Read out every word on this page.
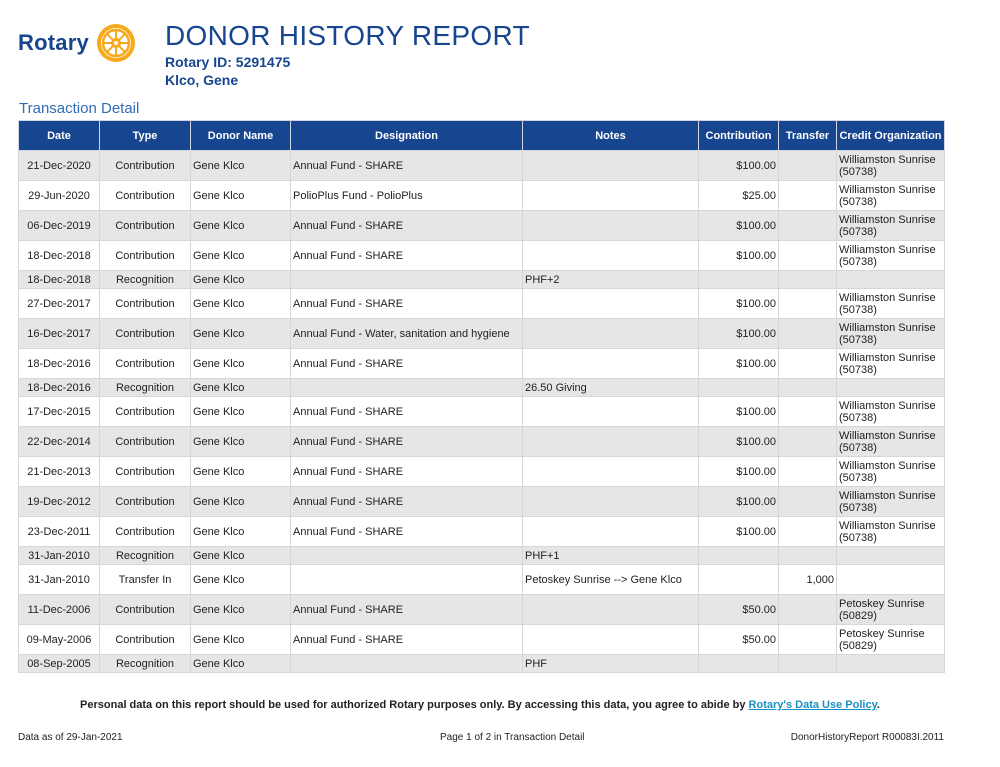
Rotary	DONOR HISTORY REPORT
Rotary ID: 5291475
Klco, Gene
Transaction Detail
Date	Type	Donor Name	Designation	Notes	Contribution	Transfer	Credit Organization
21-Dec-2020	Contribution	Gene Klco	Annual Fund - SHARE		$100.00		Williamston Sunrise (50738)
29-Jun-2020	Contribution	Gene Klco	PolioPlus Fund - PolioPlus		$25.00		Williamston Sunrise (50738)
06-Dec-2019	Contribution	Gene Klco	Annual Fund - SHARE		$100.00		Williamston Sunrise (50738)
18-Dec-2018	Contribution	Gene Klco	Annual Fund - SHARE		$100.00		Williamston Sunrise (50738)
18-Dec-2018	Recognition	Gene Klco		PHF+2			
27-Dec-2017	Contribution	Gene Klco	Annual Fund - SHARE		$100.00		Williamston Sunrise (50738)
16-Dec-2017	Contribution	Gene Klco	Annual Fund - Water, sanitation and hygiene		$100.00		Williamston Sunrise (50738)
18-Dec-2016	Contribution	Gene Klco	Annual Fund - SHARE		$100.00		Williamston Sunrise (50738)
18-Dec-2016	Recognition	Gene Klco		26.50 Giving			
17-Dec-2015	Contribution	Gene Klco	Annual Fund - SHARE		$100.00		Williamston Sunrise (50738)
22-Dec-2014	Contribution	Gene Klco	Annual Fund - SHARE		$100.00		Williamston Sunrise (50738)
21-Dec-2013	Contribution	Gene Klco	Annual Fund - SHARE		$100.00		Williamston Sunrise (50738)
19-Dec-2012	Contribution	Gene Klco	Annual Fund - SHARE		$100.00		Williamston Sunrise (50738)
23-Dec-2011	Contribution	Gene Klco	Annual Fund - SHARE		$100.00		Williamston Sunrise (50738)
31-Jan-2010	Recognition	Gene Klco		PHF+1			
31-Jan-2010	Transfer In	Gene Klco		Petoskey Sunrise --> Gene Klco		1,000	
11-Dec-2006	Contribution	Gene Klco	Annual Fund - SHARE		$50.00		Petoskey Sunrise (50829)
09-May-2006	Contribution	Gene Klco	Annual Fund - SHARE		$50.00		Petoskey Sunrise (50829)
08-Sep-2005	Recognition	Gene Klco		PHF			
Personal data on this report should be used for authorized Rotary purposes only. By accessing this data, you agree to abide by Rotary's Data Use Policy.
Data as of 29-Jan-2021	Page 1 of 2 in Transaction Detail	DonorHistoryReport R00083I.2011
